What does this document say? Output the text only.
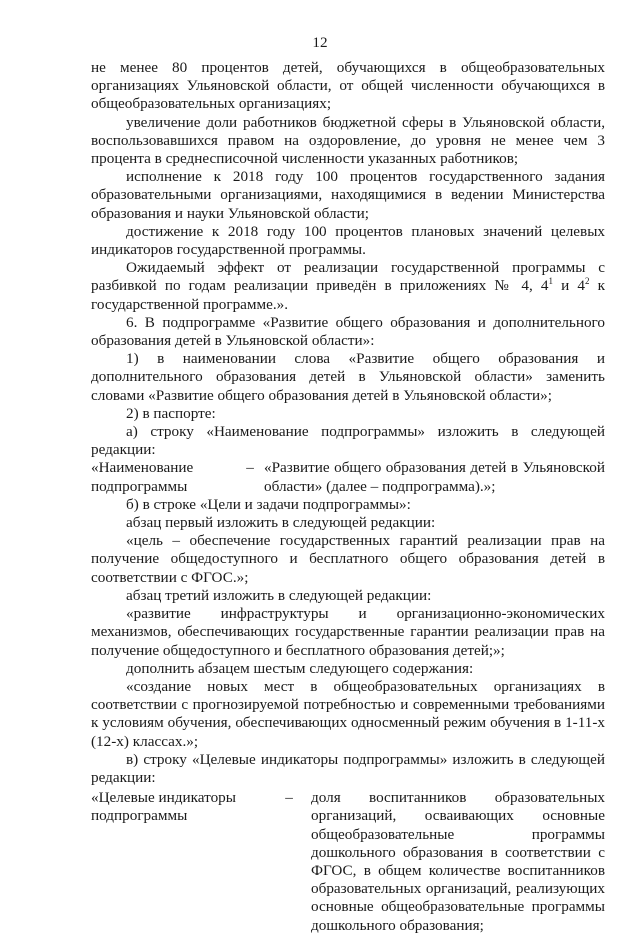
12

не менее 80 процентов детей, обучающихся в общеобразовательных организациях Ульяновской области, от общей численности обучающихся в общеобразовательных организациях;

увеличение доли работников бюджетной сферы в Ульяновской области, воспользовавшихся правом на оздоровление, до уровня не менее чем 3 процента в среднесписочной численности указанных работников;

исполнение к 2018 году 100 процентов государственного задания образовательными организациями, находящимися в ведении Министерства образования и науки Ульяновской области;

достижение к 2018 году 100 процентов плановых значений целевых индикаторов государственной программы.

Ожидаемый эффект от реализации государственной программы с разбивкой по годам реализации приведён в приложениях № 4, $4^1$ и $4^2$ к государственной программе.».

6. В подпрограмме «Развитие общего образования и дополнительного образования детей в Ульяновской области»:

1) в наименовании слова «Развитие общего образования и дополнительного образования детей в Ульяновской области» заменить словами «Развитие общего образования детей в Ульяновской области»;

2) в паспорте:

а) строку «Наименование подпрограммы» изложить в следующей редакции:

«Наименование подпрограммы
– «Развитие общего образования детей в Ульяновской области» (далее – подпрограмма).»;

б) в строке «Цели и задачи подпрограммы»:

абзац первый изложить в следующей редакции:

«цель – обеспечение государственных гарантий реализации прав на получение общедоступного и бесплатного общего образования детей в соответствии с ФГОС.»;

абзац третий изложить в следующей редакции:

«развитие инфраструктуры и организационно-экономических механизмов, обеспечивающих государственные гарантии реализации прав на получение общедоступного и бесплатного образования детей;»;

дополнить абзацем шестым следующего содержания:

«создание новых мест в общеобразовательных организациях в соответствии с прогнозируемой потребностью и современными требованиями к условиям обучения, обеспечивающих односменный режим обучения в 1-11-х (12-х) классах.»;

в) строку «Целевые индикаторы подпрограммы» изложить в следующей редакции:

«Целевые индикаторы подпрограммы
–	доля воспитанников образовательных организаций, осваивающих основные общеобразовательные программы дошкольного образования в соответствии с ФГОС, в общем количестве воспитанников образовательных организаций, реализующих основные общеобразовательные программы дошкольного образования;
